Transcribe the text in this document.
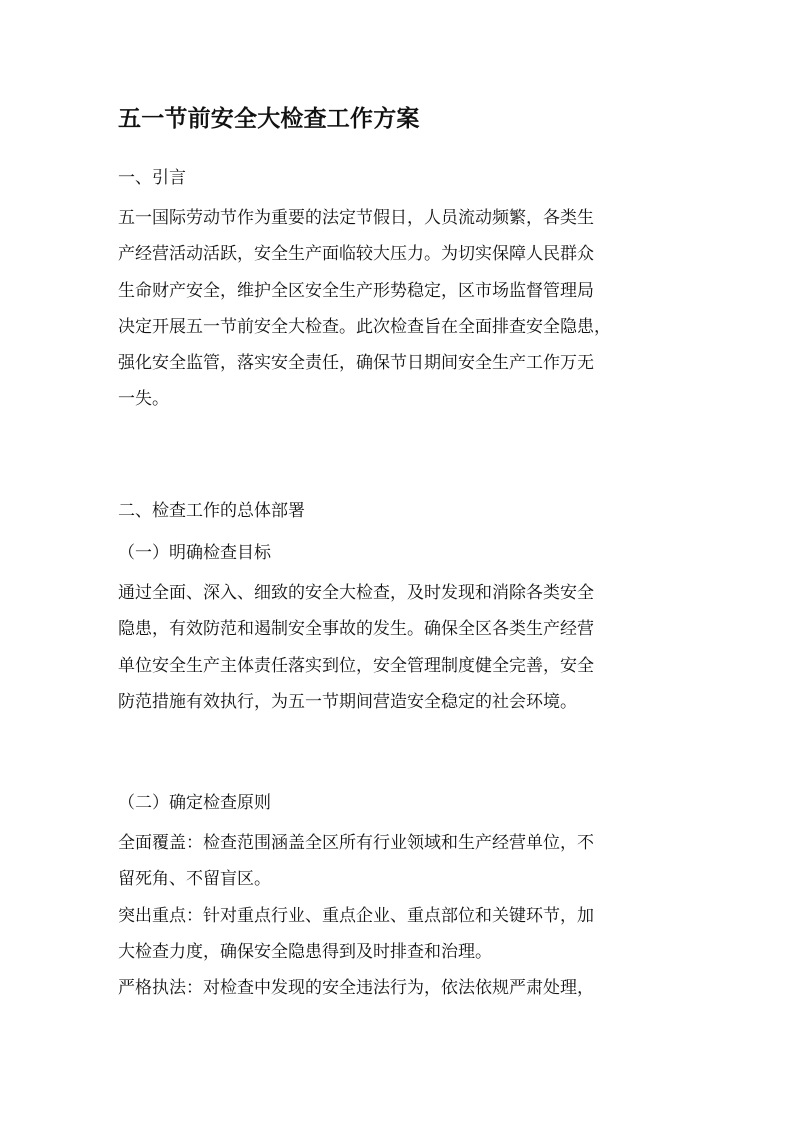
五一节前安全大检查工作方案
一、引言
五一国际劳动节作为重要的法定节假日，人员流动频繁，各类生
产经营活动活跃，安全生产面临较大压力。为切实保障人民群众
生命财产安全，维护全区安全生产形势稳定，区市场监督管理局
决定开展五一节前安全大检查。此次检查旨在全面排查安全隐患，
强化安全监管，落实安全责任，确保节日期间安全生产工作万无
一失。
二、检查工作的总体部署
（一）明确检查目标
通过全面、深入、细致的安全大检查，及时发现和消除各类安全
隐患，有效防范和遏制安全事故的发生。确保全区各类生产经营
单位安全生产主体责任落实到位，安全管理制度健全完善，安全
防范措施有效执行，为五一节期间营造安全稳定的社会环境。
（二）确定检查原则
全面覆盖：检查范围涵盖全区所有行业领域和生产经营单位，不
留死角、不留盲区。
突出重点：针对重点行业、重点企业、重点部位和关键环节，加
大检查力度，确保安全隐患得到及时排查和治理。
严格执法：对检查中发现的安全违法行为，依法依规严肃处理，
